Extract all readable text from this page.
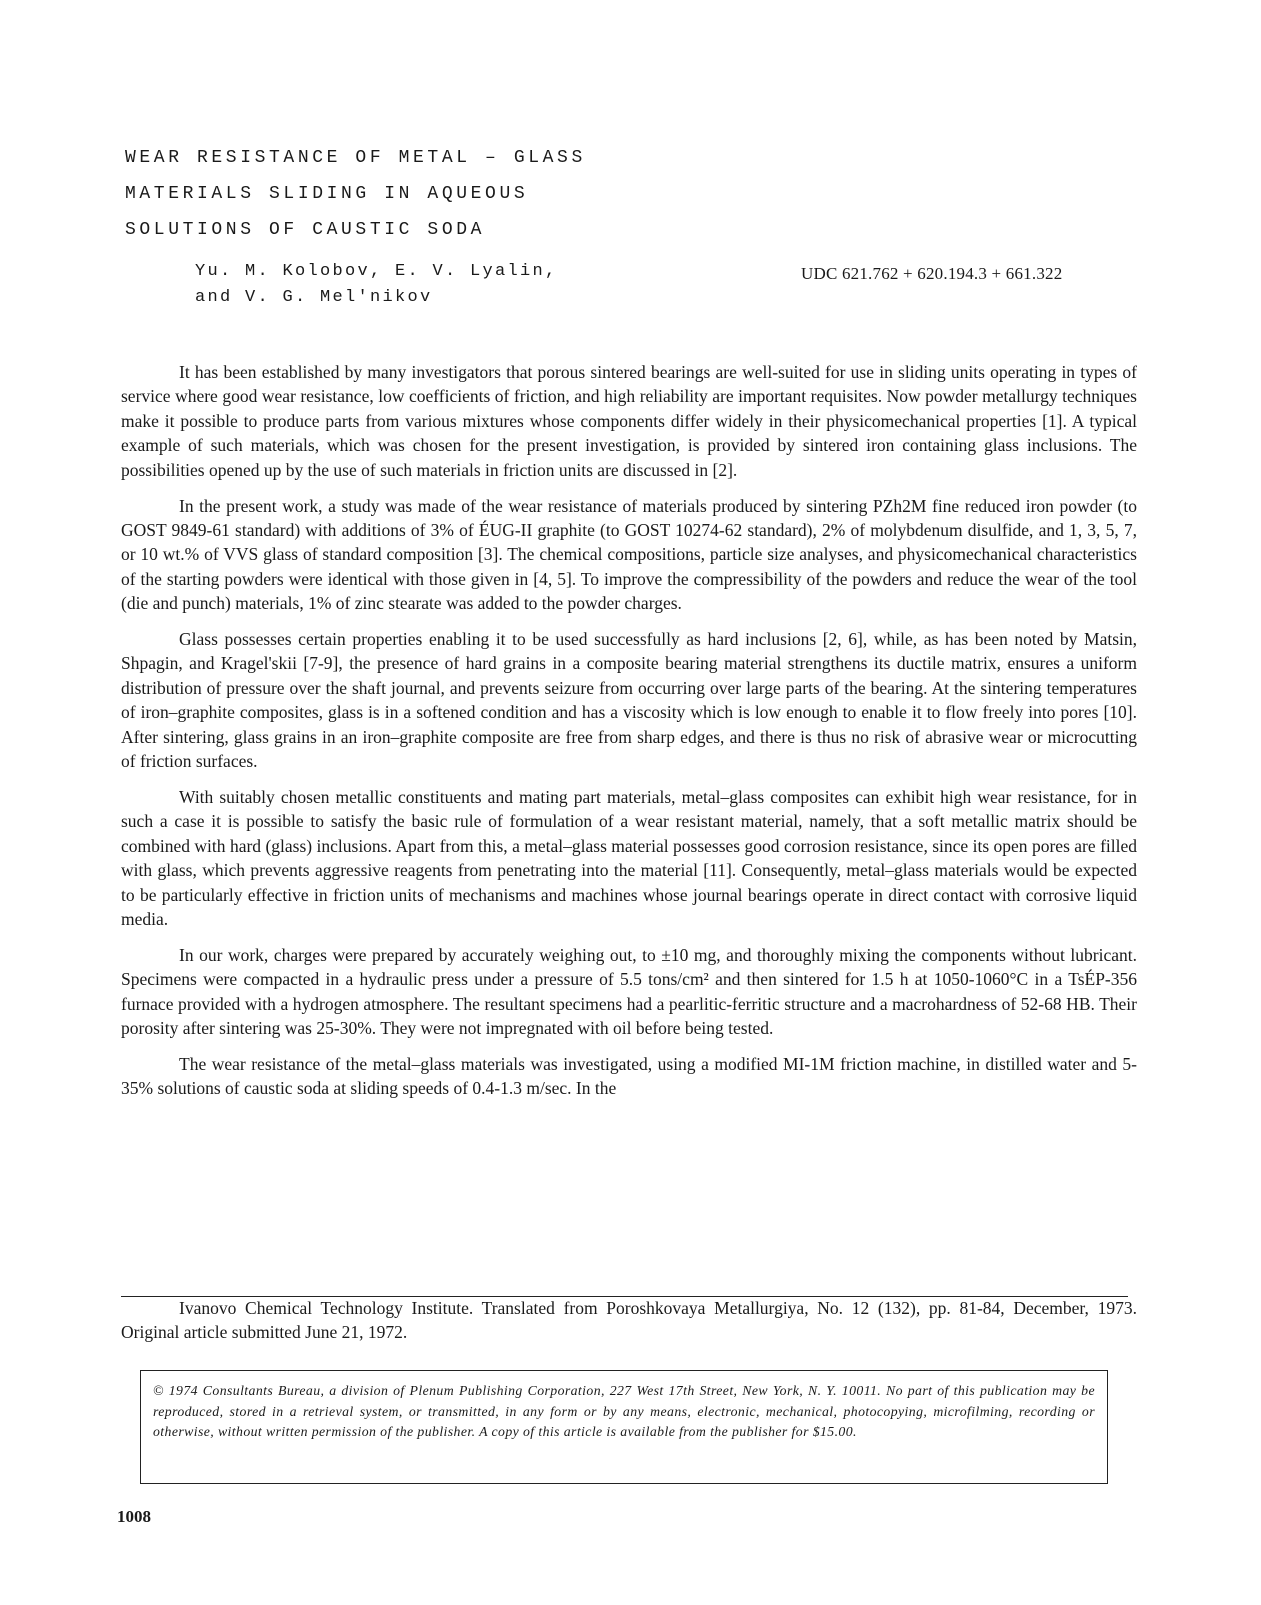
WEAR RESISTANCE OF METAL – GLASS
MATERIALS SLIDING IN AQUEOUS
SOLUTIONS OF CAUSTIC SODA
Yu. M. Kolobov, E. V. Lyalin,
and V. G. Mel'nikov
UDC 621.762 + 620.194.3 + 661.322

It has been established by many investigators that porous sintered bearings are well-suited for use in sliding units operating in types of service where good wear resistance, low coefficients of friction, and high reliability are important requisites. Now powder metallurgy techniques make it possible to produce parts from various mixtures whose components differ widely in their physicomechanical properties [1]. A typical example of such materials, which was chosen for the present investigation, is provided by sintered iron containing glass inclusions. The possibilities opened up by the use of such materials in friction units are discussed in [2].

In the present work, a study was made of the wear resistance of materials produced by sintering PZh2M fine reduced iron powder (to GOST 9849-61 standard) with additions of 3% of ÉUG-II graphite (to GOST 10274-62 standard), 2% of molybdenum disulfide, and 1, 3, 5, 7, or 10 wt.% of VVS glass of standard composition [3]. The chemical compositions, particle size analyses, and physicomechanical characteristics of the starting powders were identical with those given in [4, 5]. To improve the compressibility of the powders and reduce the wear of the tool (die and punch) materials, 1% of zinc stearate was added to the powder charges.

Glass possesses certain properties enabling it to be used successfully as hard inclusions [2, 6], while, as has been noted by Matsin, Shpagin, and Kragel'skii [7-9], the presence of hard grains in a composite bearing material strengthens its ductile matrix, ensures a uniform distribution of pressure over the shaft journal, and prevents seizure from occurring over large parts of the bearing. At the sintering temperatures of iron–graphite composites, glass is in a softened condition and has a viscosity which is low enough to enable it to flow freely into pores [10]. After sintering, glass grains in an iron–graphite composite are free from sharp edges, and there is thus no risk of abrasive wear or microcutting of friction surfaces.

With suitably chosen metallic constituents and mating part materials, metal–glass composites can exhibit high wear resistance, for in such a case it is possible to satisfy the basic rule of formulation of a wear resistant material, namely, that a soft metallic matrix should be combined with hard (glass) inclusions. Apart from this, a metal–glass material possesses good corrosion resistance, since its open pores are filled with glass, which prevents aggressive reagents from penetrating into the material [11]. Consequently, metal–glass materials would be expected to be particularly effective in friction units of mechanisms and machines whose journal bearings operate in direct contact with corrosive liquid media.

In our work, charges were prepared by accurately weighing out, to ±10 mg, and thoroughly mixing the components without lubricant. Specimens were compacted in a hydraulic press under a pressure of 5.5 tons/cm² and then sintered for 1.5 h at 1050-1060°C in a TsÉP-356 furnace provided with a hydrogen atmosphere. The resultant specimens had a pearlitic-ferritic structure and a macrohardness of 52-68 HB. Their porosity after sintering was 25-30%. They were not impregnated with oil before being tested.

The wear resistance of the metal–glass materials was investigated, using a modified MI-1M friction machine, in distilled water and 5-35% solutions of caustic soda at sliding speeds of 0.4-1.3 m/sec. In the

Ivanovo Chemical Technology Institute. Translated from Poroshkovaya Metallurgiya, No. 12 (132), pp. 81-84, December, 1973. Original article submitted June 21, 1972.

© 1974 Consultants Bureau, a division of Plenum Publishing Corporation, 227 West 17th Street, New York, N. Y. 10011. No part of this publication may be reproduced, stored in a retrieval system, or transmitted, in any form or by any means, electronic, mechanical, photocopying, microfilming, recording or otherwise, without written permission of the publisher. A copy of this article is available from the publisher for $15.00.
1008
